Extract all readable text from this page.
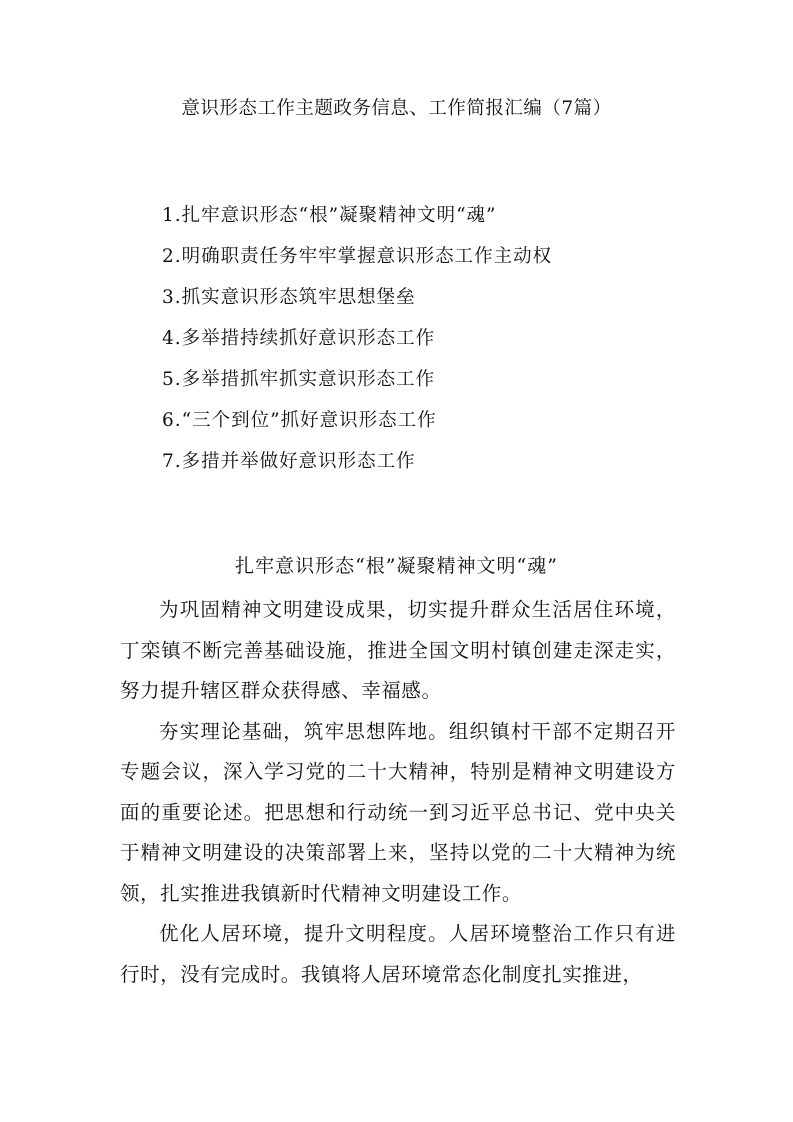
意识形态工作主题政务信息、工作简报汇编（7篇）
1.扎牢意识形态“根”凝聚精神文明“魂”
2.明确职责任务牢牢掌握意识形态工作主动权
3.抓实意识形态筑牢思想堡垒
4.多举措持续抓好意识形态工作
5.多举措抓牢抓实意识形态工作
6.“三个到位”抓好意识形态工作
7.多措并举做好意识形态工作
扎牢意识形态“根”凝聚精神文明“魂”

为巩固精神文明建设成果，切实提升群众生活居住环境，丁栾镇不断完善基础设施，推进全国文明村镇创建走深走实，努力提升辖区群众获得感、幸福感。

夯实理论基础，筑牢思想阵地。组织镇村干部不定期召开专题会议，深入学习党的二十大精神，特别是精神文明建设方面的重要论述。把思想和行动统一到习近平总书记、党中央关于精神文明建设的决策部署上来，坚持以党的二十大精神为统领，扎实推进我镇新时代精神文明建设工作。

优化人居环境，提升文明程度。人居环境整治工作只有进行时，没有完成时。我镇将人居环境常态化制度扎实推进，
